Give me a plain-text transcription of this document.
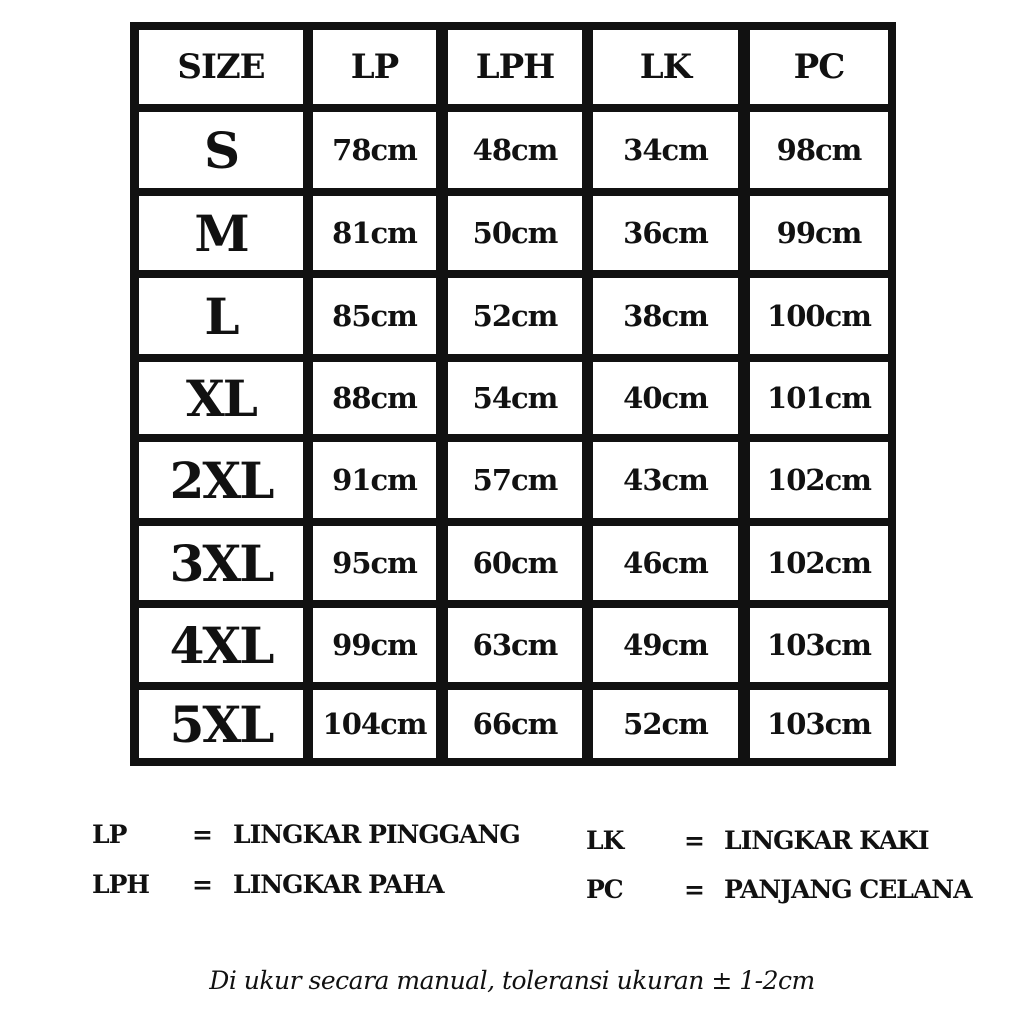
SIZE	LP	LPH	LK	PC
S	78cm	48cm	34cm	98cm
M	81cm	50cm	36cm	99cm
L	85cm	52cm	38cm	100cm
XL	88cm	54cm	40cm	101cm
2XL	91cm	57cm	43cm	102cm
3XL	95cm	60cm	46cm	102cm
4XL	99cm	63cm	49cm	103cm
5XL	104cm	66cm	52cm	103cm
LP	= LINGKAR PINGGANG
LPH = LINGKAR PAHA
LK = LINGKAR KAKI
PC = PANJANG CELANA
Di ukur secara manual, toleransi ukuran ± 1-2cm
